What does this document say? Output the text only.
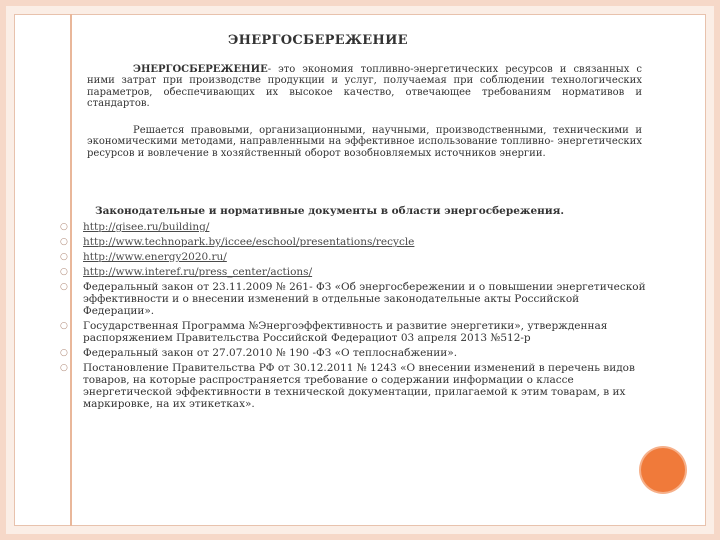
ЭНЕРГОСБЕРЕЖЕНИЕ
ЭНЕРГОСБЕРЕЖЕНИЕ- это экономия топливно-энергетических ресурсов и связанных с ними затрат при производстве продукции и услуг, получаемая при соблюдении технологических параметров, обеспечивающих их высокое качество, отвечающее требованиям нормативов и стандартов.
Решается правовыми, организационными, научными, производственными, техническими и экономическими методами, направленными на эффективное использование топливно- энергетических ресурсов и вовлечение в хозяйственный оборот возобновляемых источников энергии.
Законодательные и нормативные документы в области энергосбережения.
○ http://gisee.ru/building/
○ http://www.technopark.by/iccee/eschool/presentations/recycle
○ http://www.energy2020.ru/
○ http://www.interef.ru/press_center/actions/
○ Федеральный закон от 23.11.2009 № 261- ФЗ «Об энергосбережении и о повышении энергетической эффективности и о внесении изменений в отдельные законодательные акты Российской Федерации».
○ Государственная Программа №Энергоэффективность и развитие энергетики», утвержденная распоряжением Правительства Российской Федерациот 03 апреля 2013 №512-р
○ Федеральный закон от 27.07.2010 № 190 -ФЗ «О теплоснабжении».
○ Постановление Правительства РФ от 30.12.2011 № 1243 «О внесении изменений в перечень видов товаров, на которые распространяется требование о содержании информации о классе энергетической эффективности в технической документации, прилагаемой к этим товарам, в их маркировке, на их этикетках».
